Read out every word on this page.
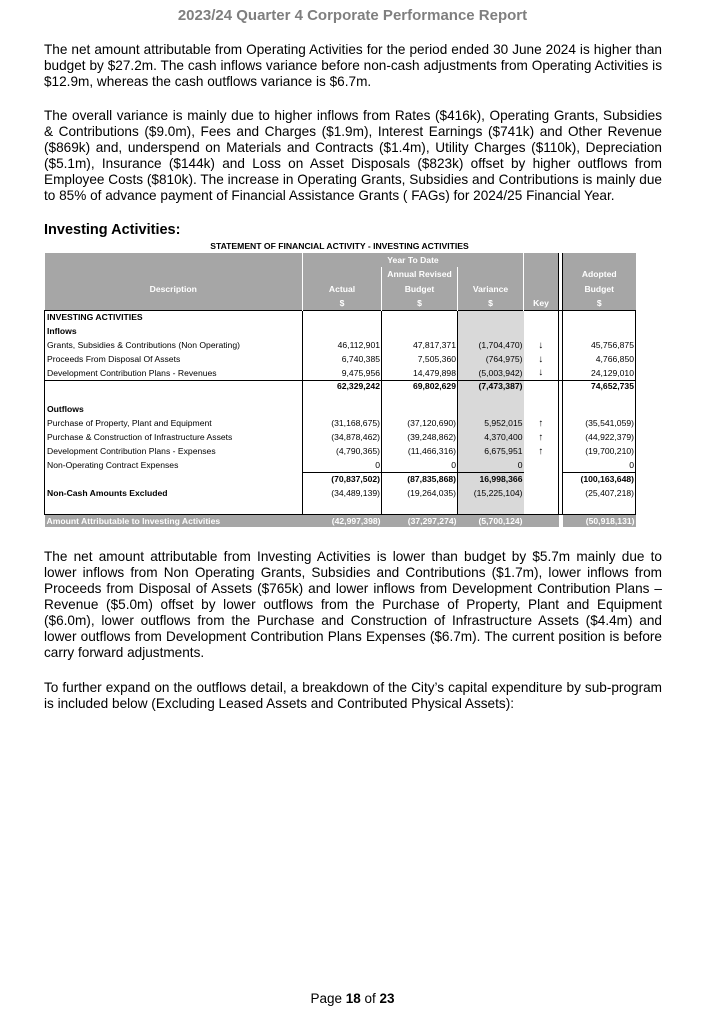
2023/24 Quarter 4 Corporate Performance Report

The net amount attributable from Operating Activities for the period ended 30 June 2024 is higher than budget by $27.2m. The cash inflows variance before non-cash adjustments from Operating Activities is $12.9m, whereas the cash outflows variance is $6.7m.

The overall variance is mainly due to higher inflows from Rates ($416k), Operating Grants, Subsidies & Contributions ($9.0m), Fees and Charges ($1.9m), Interest Earnings ($741k) and Other Revenue ($869k) and, underspend on Materials and Contracts ($1.4m), Utility Charges ($110k), Depreciation ($5.1m), Insurance ($144k) and Loss on Asset Disposals ($823k) offset by higher outflows from Employee Costs ($810k). The increase in Operating Grants, Subsidies and Contributions is mainly due to 85% of advance payment of Financial Assistance Grants ( FAGs) for 2024/25 Financial Year.

Investing Activities:
STATEMENT OF FINANCIAL ACTIVITY - INVESTING ACTIVITIES
	Year To Date					
		Annual Revised				Adopted
Description	Actual	Budget	Variance			Budget
	$	$	$	Key		$
INVESTING ACTIVITIES						
Inflows						
Grants, Subsidies & Contributions (Non Operating)	46,112,901	47,817,371	(1,704,470)	↓		45,756,875
Proceeds From Disposal Of Assets	6,740,385	7,505,360	(764,975)	↓		4,766,850
Development Contribution Plans - Revenues	9,475,956	14,479,898	(5,003,942)	↓		24,129,010
	62,329,242	69,802,629	(7,473,387)			74,652,735
Outflows						
Purchase of Property, Plant and Equipment	(31,168,675)	(37,120,690)	5,952,015	↑		(35,541,059)
Purchase & Construction of Infrastructure Assets	(34,878,462)	(39,248,862)	4,370,400	↑		(44,922,379)
Development Contribution Plans - Expenses	(4,790,365)	(11,466,316)	6,675,951	↑		(19,700,210)
Non-Operating Contract Expenses	0	0	0			0
	(70,837,502)	(87,835,868)	16,998,366			(100,163,648)
Non-Cash Amounts Excluded	(34,489,139)	(19,264,035)	(15,225,104)			(25,407,218)

Amount Attributable to Investing Activities	(42,997,398)	(37,297,274)	(5,700,124)			(50,918,131)

The net amount attributable from Investing Activities is lower than budget by $5.7m mainly due to lower inflows from Non Operating Grants, Subsidies and Contributions ($1.7m), lower inflows from Proceeds from Disposal of Assets ($765k) and lower inflows from Development Contribution Plans – Revenue ($5.0m) offset by lower outflows from the Purchase of Property, Plant and Equipment ($6.0m), lower outflows from the Purchase and Construction of Infrastructure Assets ($4.4m) and lower outflows from Development Contribution Plans Expenses ($6.7m). The current position is before carry forward adjustments.

To further expand on the outflows detail, a breakdown of the City’s capital expenditure by sub-program is included below (Excluding Leased Assets and Contributed Physical Assets):

Page 18 of 23
